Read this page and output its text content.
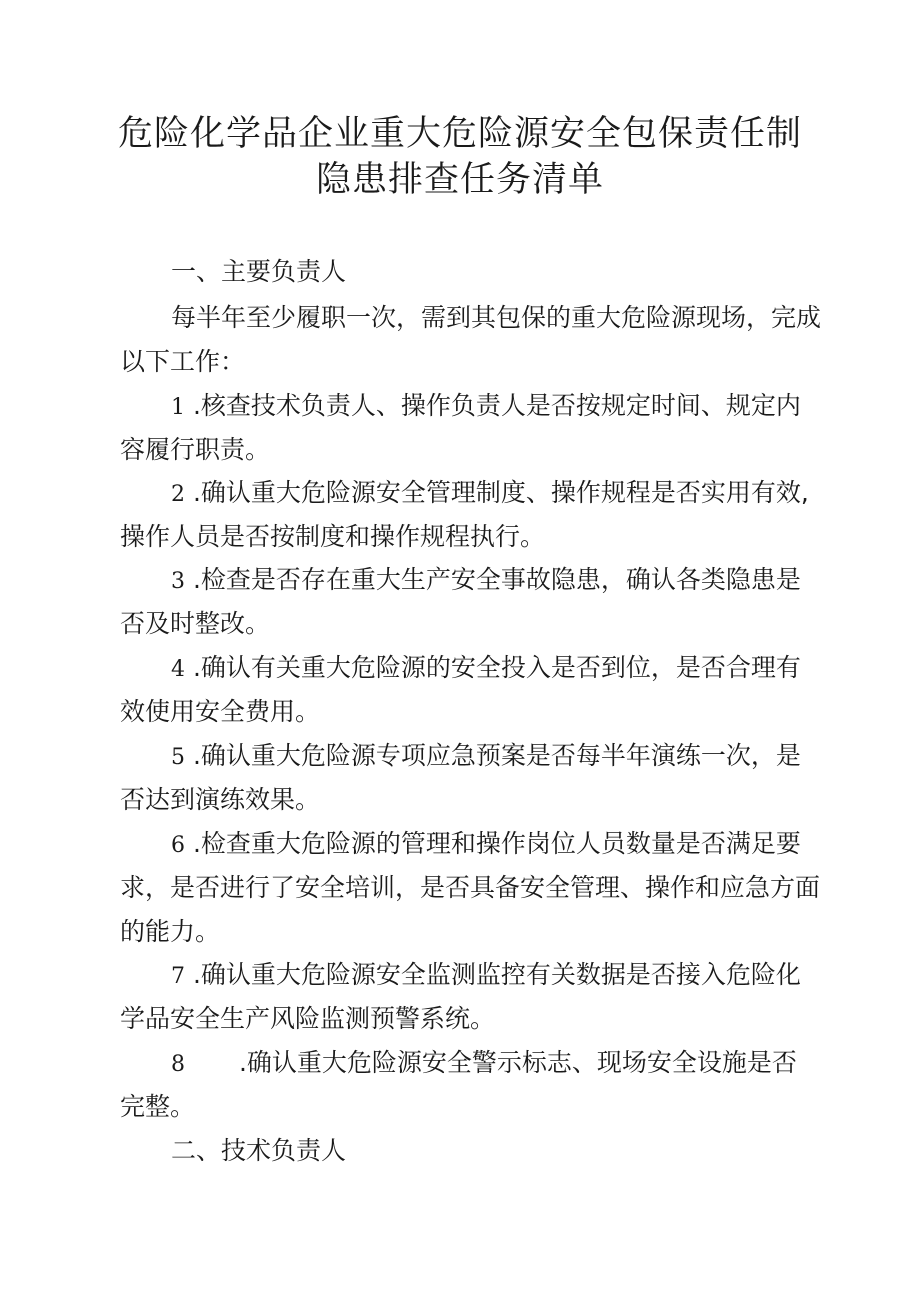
危险化学品企业重大危险源安全包保责任制
隐患排查任务清单
一、主要负责人
每半年至少履职一次，需到其包保的重大危险源现场，完成
以下工作：
1 .核查技术负责人、操作负责人是否按规定时间、规定内
容履行职责。
2 .确认重大危险源安全管理制度、操作规程是否实用有效,
操作人员是否按制度和操作规程执行。
3 .检查是否存在重大生产安全事故隐患，确认各类隐患是
否及时整改。
4 .确认有关重大危险源的安全投入是否到位，是否合理有
效使用安全费用。
5 .确认重大危险源专项应急预案是否每半年演练一次，是
否达到演练效果。
6 .检查重大危险源的管理和操作岗位人员数量是否满足要
求，是否进行了安全培训，是否具备安全管理、操作和应急方面
的能力。
7 .确认重大危险源安全监测监控有关数据是否接入危险化
学品安全生产风险监测预警系统。
8 .确认重大危险源安全警示标志、现场安全设施是否
完整。
二、技术负责人
